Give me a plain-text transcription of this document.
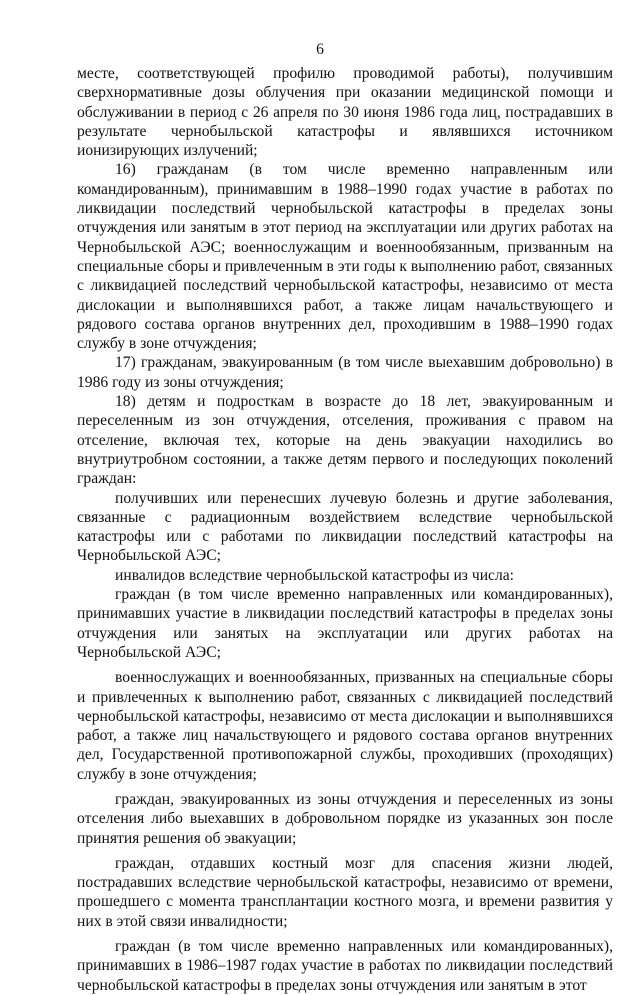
6

месте, соответствующей профилю проводимой работы), получившим сверхнормативные дозы облучения при оказании медицинской помощи и обслуживании в период с 26 апреля по 30 июня 1986 года лиц, пострадавших в результате чернобыльской катастрофы и являвшихся источником ионизирующих излучений;

16) гражданам (в том числе временно направленным или командированным), принимавшим в 1988–1990 годах участие в работах по ликвидации последствий чернобыльской катастрофы в пределах зоны отчуждения или занятым в этот период на эксплуатации или других работах на Чернобыльской АЭС; военнослужащим и военнообязанным, призванным на специальные сборы и привлеченным в эти годы к выполнению работ, связанных с ликвидацией последствий чернобыльской катастрофы, независимо от места дислокации и выполнявшихся работ, а также лицам начальствующего и рядового состава органов внутренних дел, проходившим в 1988–1990 годах службу в зоне отчуждения;

17) гражданам, эвакуированным (в том числе выехавшим добровольно) в 1986 году из зоны отчуждения;

18) детям и подросткам в возрасте до 18 лет, эвакуированным и переселенным из зон отчуждения, отселения, проживания с правом на отселение, включая тех, которые на день эвакуации находились во внутриутробном состоянии, а также детям первого и последующих поколений граждан:

получивших или перенесших лучевую болезнь и другие заболевания, связанные с радиационным воздействием вследствие чернобыльской катастрофы или с работами по ликвидации последствий катастрофы на Чернобыльской АЭС;

инвалидов вследствие чернобыльской катастрофы из числа:

граждан (в том числе временно направленных или командированных), принимавших участие в ликвидации последствий катастрофы в пределах зоны отчуждения или занятых на эксплуатации или других работах на Чернобыльской АЭС;

военнослужащих и военнообязанных, призванных на специальные сборы и привлеченных к выполнению работ, связанных с ликвидацией последствий чернобыльской катастрофы, независимо от места дислокации и выполнявшихся работ, а также лиц начальствующего и рядового состава органов внутренних дел, Государственной противопожарной службы, проходивших (проходящих) службу в зоне отчуждения;

граждан, эвакуированных из зоны отчуждения и переселенных из зоны отселения либо выехавших в добровольном порядке из указанных зон после принятия решения об эвакуации;

граждан, отдавших костный мозг для спасения жизни людей, пострадавших вследствие чернобыльской катастрофы, независимо от времени, прошедшего с момента трансплантации костного мозга, и времени развития у них в этой связи инвалидности;

граждан (в том числе временно направленных или командированных), принимавших в 1986–1987 годах участие в работах по ликвидации последствий чернобыльской катастрофы в пределах зоны отчуждения или занятым в этот
